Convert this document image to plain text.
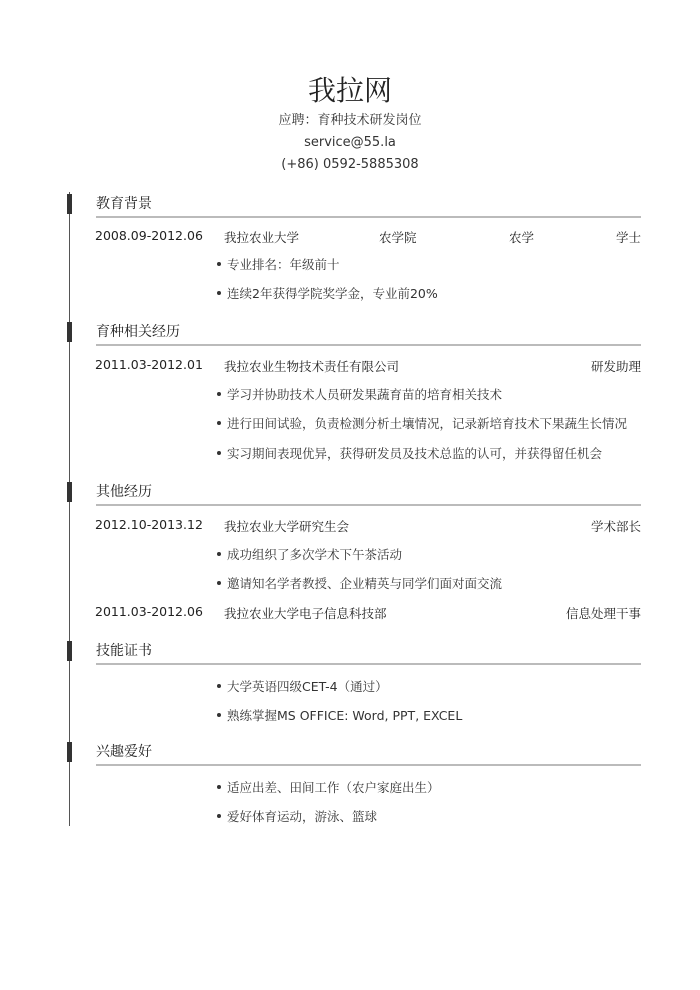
我拉网
应聘：育种技术研发岗位
service@55.la
(+86) 0592-5885308
教育背景
2008.09-2012.06 我拉农业大学	农学院	农学	学士
专业排名：年级前十
连续2年获得学院奖学金，专业前20%
育种相关经历
2011.03-2012.01 我拉农业生物技术责任有限公司	研发助理
学习并协助技术人员研发果蔬育苗的培育相关技术
进行田间试验，负责检测分析土壤情况，记录新培育技术下果蔬生长情况
实习期间表现优异，获得研发员及技术总监的认可，并获得留任机会
其他经历
2012.10-2013.12 我拉农业大学研究生会	学术部长
成功组织了多次学术下午茶活动
邀请知名学者教授、企业精英与同学们面对面交流
2011.03-2012.06 我拉农业大学电子信息科技部	信息处理干事
技能证书
大学英语四级CET-4（通过）
熟练掌握MS OFFICE: Word, PPT, EXCEL
兴趣爱好
适应出差、田间工作（农户家庭出生）
爱好体育运动，游泳、篮球
